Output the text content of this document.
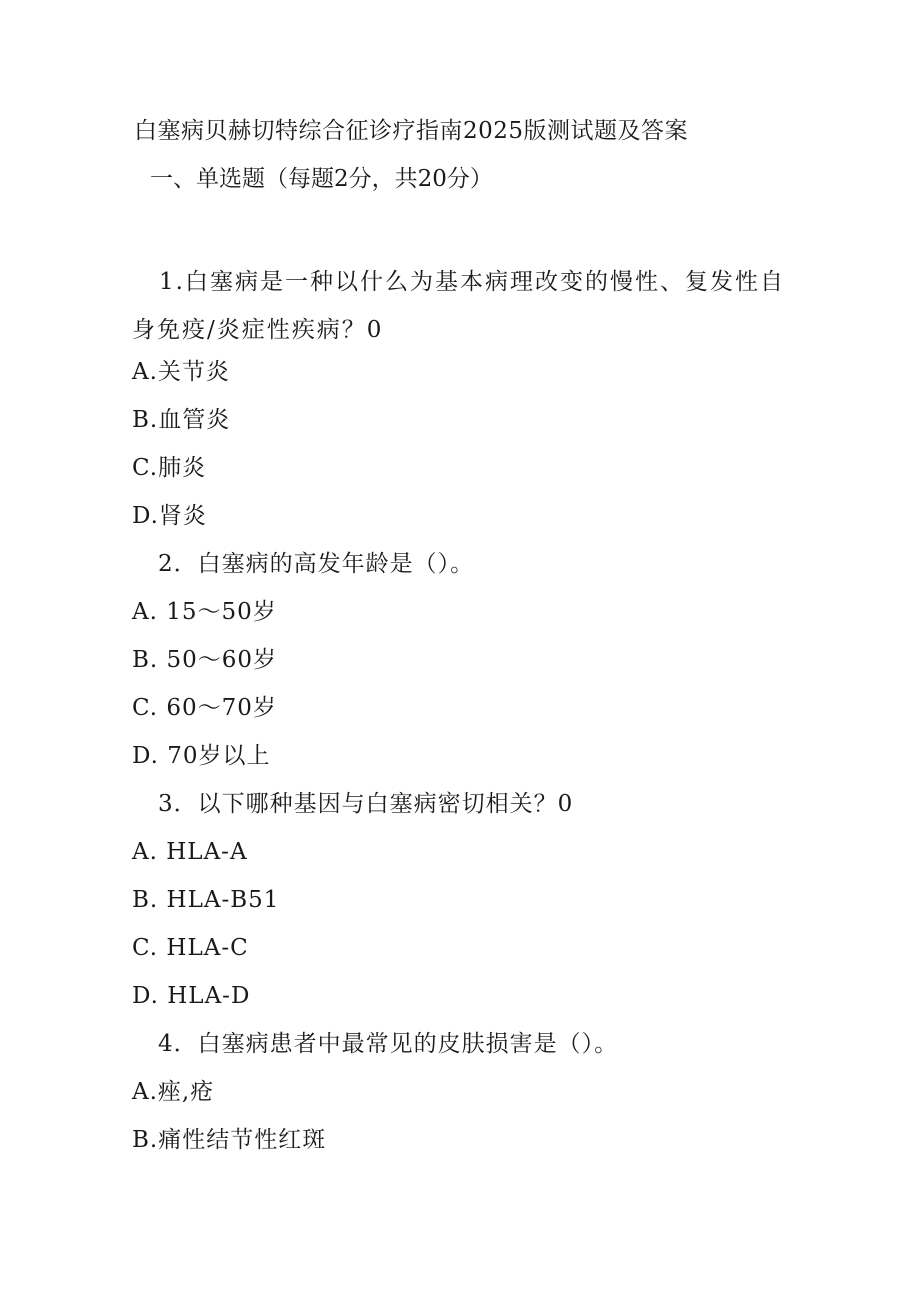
白塞病贝赫切特综合征诊疗指南2025版测试题及答案
一、单选题（每题2分，共20分）
1.白塞病是一种以什么为基本病理改变的慢性、复发性自身免疫/炎症性疾病？0
A.关节炎
B.血管炎
C.肺炎
D.肾炎
2．白塞病的高发年龄是（）。
A. 15～50岁
B. 50～60岁
C. 60～70岁
D. 70岁以上
3．以下哪种基因与白塞病密切相关？0
A. HLA-A
B. HLA-B51
C. HLA-C
D. HLA-D
4．白塞病患者中最常见的皮肤损害是（）。
A.痤,疮
B.痛性结节性红斑
